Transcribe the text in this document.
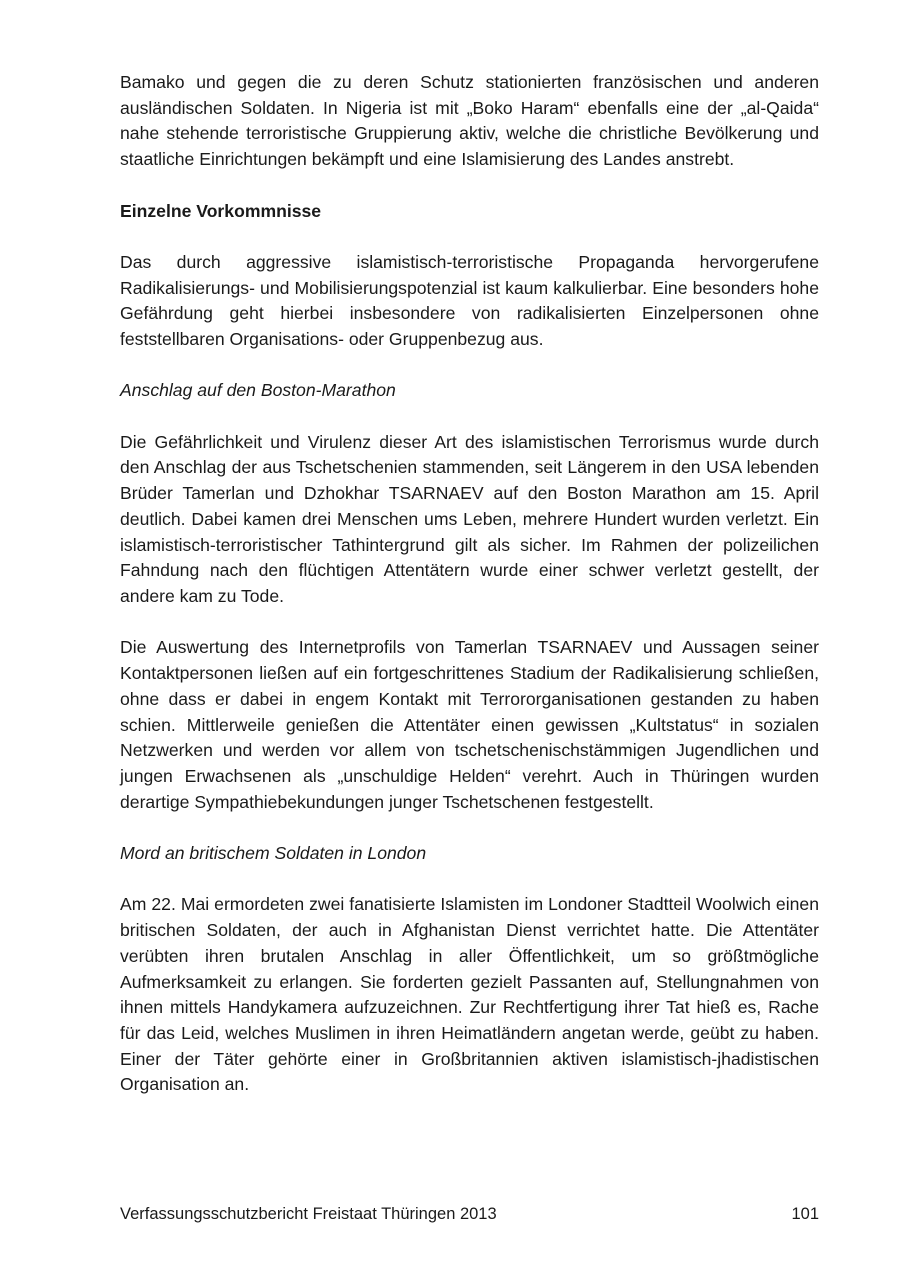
Bamako und gegen die zu deren Schutz stationierten französischen und anderen ausländischen Soldaten. In Nigeria ist mit „Boko Haram“ ebenfalls eine der „al-Qaida“ nahe stehende terroristische Gruppierung aktiv, welche die christliche Bevölkerung und staatliche Einrichtungen bekämpft und eine Islamisierung des Landes anstrebt.

Einzelne Vorkommnisse

Das durch aggressive islamistisch-terroristische Propaganda hervorgerufene Radikalisierungs- und Mobilisierungspotenzial ist kaum kalkulierbar. Eine besonders hohe Gefährdung geht hierbei insbesondere von radikalisierten Einzelpersonen ohne feststellbaren Organisations- oder Gruppenbezug aus.

Anschlag auf den Boston-Marathon

Die Gefährlichkeit und Virulenz dieser Art des islamistischen Terrorismus wurde durch den Anschlag der aus Tschetschenien stammenden, seit Längerem in den USA lebenden Brüder Tamerlan und Dzhokhar TSARNAEV auf den Boston Marathon am 15. April deutlich. Dabei kamen drei Menschen ums Leben, mehrere Hundert wurden verletzt. Ein islamistisch-terroristischer Tathintergrund gilt als sicher. Im Rahmen der polizeilichen Fahndung nach den flüchtigen Attentätern wurde einer schwer verletzt gestellt, der andere kam zu Tode.

Die Auswertung des Internetprofils von Tamerlan TSARNAEV und Aussagen seiner Kontaktpersonen ließen auf ein fortgeschrittenes Stadium der Radikalisierung schließen, ohne dass er dabei in engem Kontakt mit Terrororganisationen gestanden zu haben schien. Mittlerweile genießen die Attentäter einen gewissen „Kultstatus“ in sozialen Netzwerken und werden vor allem von tschetschenischstämmigen Jugendlichen und jungen Erwachsenen als „unschuldige Helden“ verehrt. Auch in Thüringen wurden derartige Sympathiebekundungen junger Tschetschenen festgestellt.

Mord an britischem Soldaten in London

Am 22. Mai ermordeten zwei fanatisierte Islamisten im Londoner Stadtteil Woolwich einen britischen Soldaten, der auch in Afghanistan Dienst verrichtet hatte. Die Attentäter verübten ihren brutalen Anschlag in aller Öffentlichkeit, um so größtmögliche Aufmerksamkeit zu erlangen. Sie forderten gezielt Passanten auf, Stellungnahmen von ihnen mittels Handykamera aufzuzeichnen. Zur Rechtfertigung ihrer Tat hieß es, Rache für das Leid, welches Muslimen in ihren Heimatländern angetan werde, geübt zu haben. Einer der Täter gehörte einer in Großbritannien aktiven islamistisch-jhadistischen Organisation an.

Verfassungsschutzbericht Freistaat Thüringen 2013	101
